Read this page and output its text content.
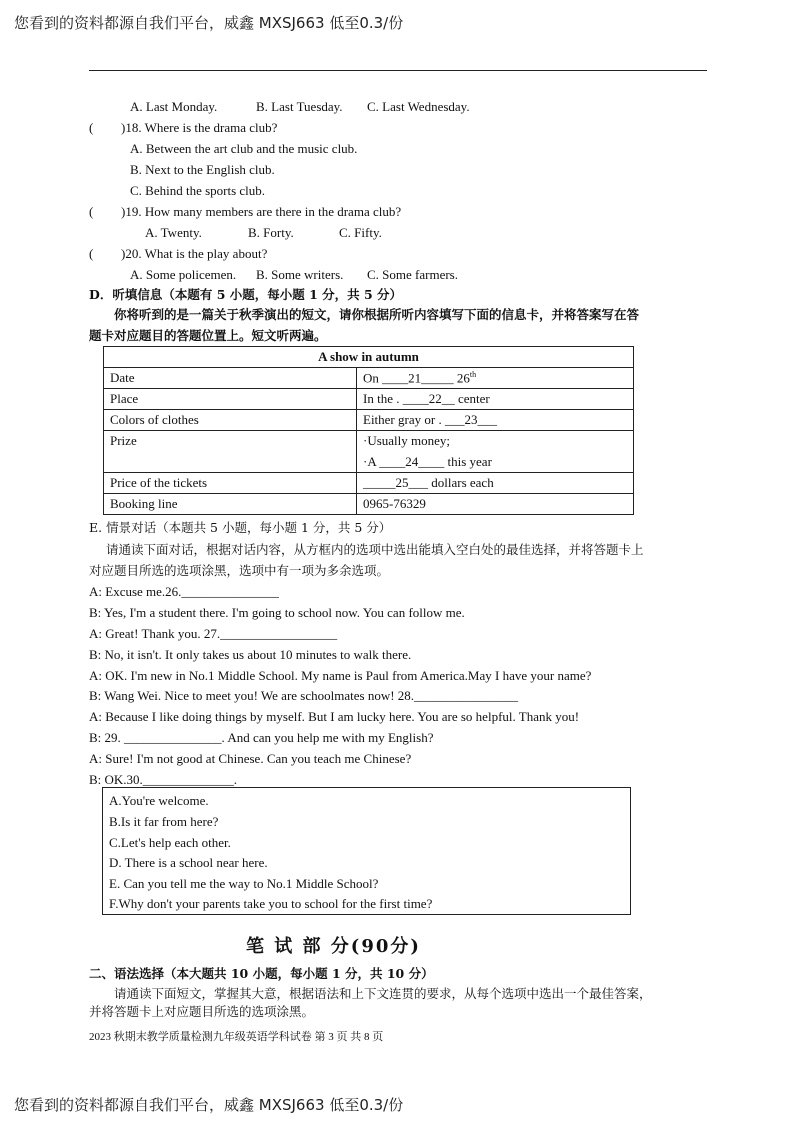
您看到的资料都源自我们平台，威鑫 MXSJ663 低至0.3/份
A. Last Monday.	B. Last Tuesday. C. Last Wednesday.
( )18. Where is the drama club?
A. Between the art club and the music club.
B. Next to the English club.
C. Behind the sports club.
( )19. How many members are there in the drama club?
A. Twenty.	B. Forty.	C. Fifty.
( )20. What is the play about?
A. Some policemen. B. Some writers. C. Some farmers.
D．听填信息（本题有 5 小题，每小题 1 分，共 5 分）
你将听到的是一篇关于秋季演出的短文，请你根据所听内容填写下面的信息卡，并将答案写在答
题卡对应题目的答题位置上。短文听两遍。
A show in autumn	
Date	On ____21_____ 26th
Place	In the . ____22__ center
Colors of clothes	Either gray or . ___23___
Prize	·Usually money;
·A ____24____ this year

Price of the tickets	_____25___ dollars each
Booking line	0965-76329
E. 情景对话（本题共 5 小题，每小题 1 分，共 5 分）
请通读下面对话，根据对话内容，从方框内的选项中选出能填入空白处的最佳选择，并将答题卡上
对应题目所选的选项涂黑，选项中有一项为多余选项。
A: Excuse me.26._______________
B: Yes, I'm a student there. I'm going to school now. You can follow me.
A: Great! Thank you. 27.__________________
B: No, it isn't. It only takes us about 10 minutes to walk there.
A: OK. I'm new in No.1 Middle School. My name is Paul from America.May I have your name?
B: Wang Wei. Nice to meet you! We are schoolmates now! 28.________________
A: Because I like doing things by myself. But I am lucky here. You are so helpful. Thank you!
B: 29. _______________. And can you help me with my English?
A: Sure! I'm not good at Chinese. Can you teach me Chinese?
B: OK.30.______________.
A.You're welcome.
B.Is it far from here?
C.Let's help each other.
D. There is a school near here.
E. Can you tell me the way to No.1 Middle School?
F.Why don't your parents take you to school for the first time?
笔 试 部 分(90分)
二、语法选择（本大题共 10 小题，每小题 1 分，共 10 分）
请通读下面短文，掌握其大意，根据语法和上下文连贯的要求，从每个选项中选出一个最佳答案，
并将答题卡上对应题目所选的选项涂黑。
2023 秋期末教学质量检测九年级英语学科试卷 第 3 页 共 8 页
您看到的资料都源自我们平台，威鑫 MXSJ663 低至0.3/份
